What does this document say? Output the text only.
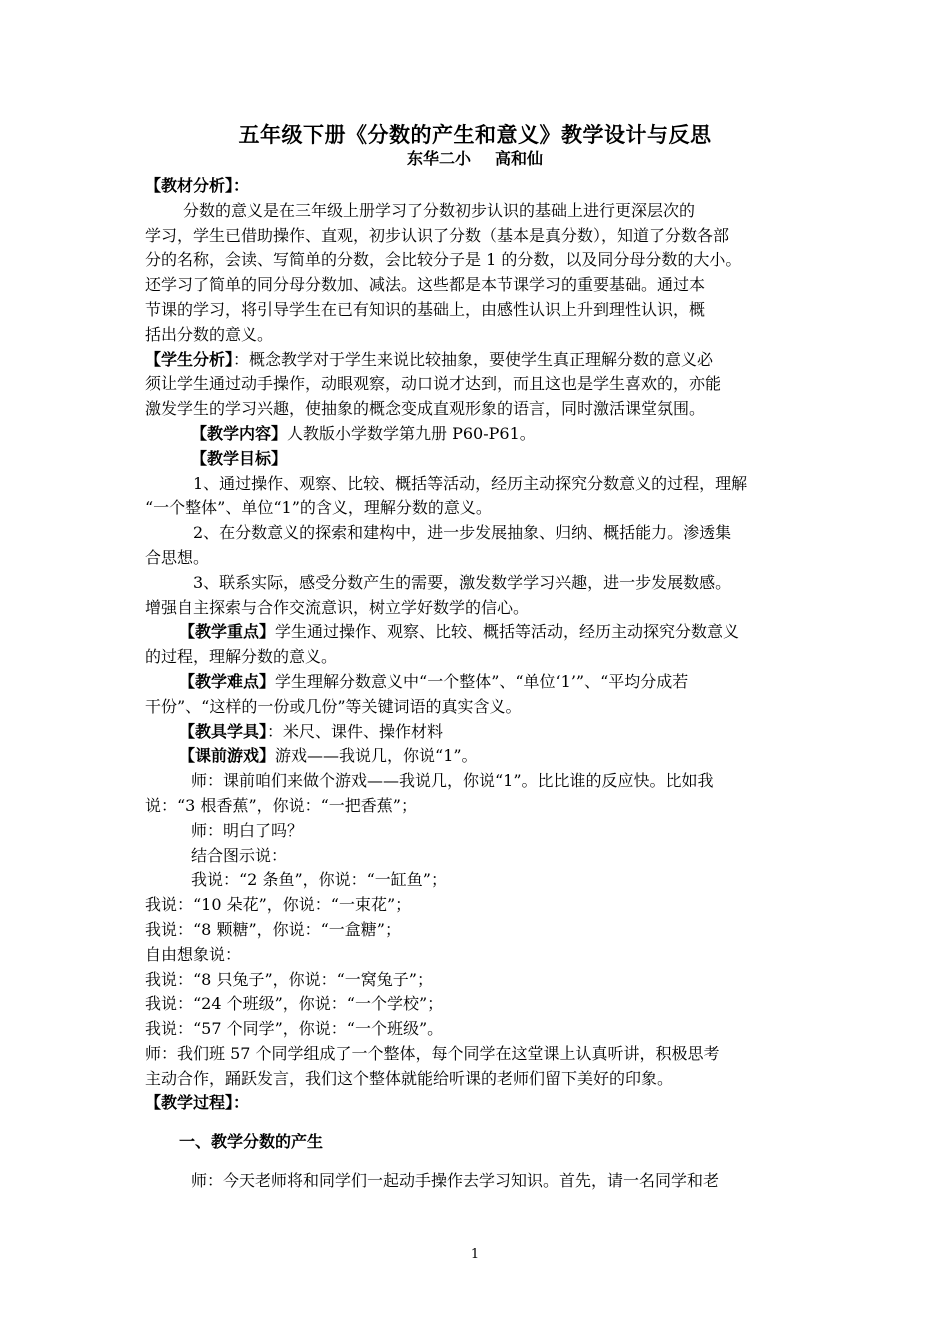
五年级下册《分数的产生和意义》教学设计与反思
东华二小 高和仙

【教材分析】：

分数的意义是在三年级上册学习了分数初步认识的基础上进行更深层次的

学习，学生已借助操作、直观，初步认识了分数（基本是真分数），知道了分数各部

分的名称，会读、写简单的分数，会比较分子是 1 的分数，以及同分母分数的大小。

还学习了简单的同分母分数加、减法。这些都是本节课学习的重要基础。通过本

节课的学习，将引导学生在已有知识的基础上，由感性认识上升到理性认识，概

括出分数的意义。

【学生分析】：概念教学对于学生来说比较抽象，要使学生真正理解分数的意义必

须让学生通过动手操作，动眼观察，动口说才达到，而且这也是学生喜欢的，亦能

激发学生的学习兴趣，使抽象的概念变成直观形象的语言，同时激活课堂氛围。

【教学内容】人教版小学数学第九册 P60-P61。

【教学目标】

1、通过操作、观察、比较、概括等活动，经历主动探究分数意义的过程，理解

“一个整体”、单位“1”的含义，理解分数的意义。

2、在分数意义的探索和建构中，进一步发展抽象、归纳、概括能力。渗透集

合思想。

3、联系实际，感受分数产生的需要，激发数学学习兴趣，进一步发展数感。

增强自主探索与合作交流意识，树立学好数学的信心。

【教学重点】学生通过操作、观察、比较、概括等活动，经历主动探究分数意义

的过程，理解分数的意义。

【教学难点】学生理解分数意义中“一个整体”、“单位‘1’”、“平均分成若

干份”、“这样的一份或几份”等关键词语的真实含义。

【教具学具】：米尺、课件、操作材料

【课前游戏】游戏——我说几，你说“1”。

师：课前咱们来做个游戏——我说几，你说“1”。比比谁的反应快。比如我

说：“3 根香蕉”，你说：“一把香蕉”；

师：明白了吗？

结合图示说：

我说：“2 条鱼”，你说：“一缸鱼”；

我说：“10 朵花”，你说：“一束花”；

我说：“8 颗糖”，你说：“一盒糖”；

自由想象说：

我说：“8 只兔子”，你说：“一窝兔子”；

我说：“24 个班级”，你说：“一个学校”；

我说：“57 个同学”，你说：“一个班级”。

师：我们班 57 个同学组成了一个整体，每个同学在这堂课上认真听讲，积极思考

主动合作，踊跃发言，我们这个整体就能给听课的老师们留下美好的印象。

【教学过程】：

一、教学分数的产生

师：今天老师将和同学们一起动手操作去学习知识。首先，请一名同学和老

1
